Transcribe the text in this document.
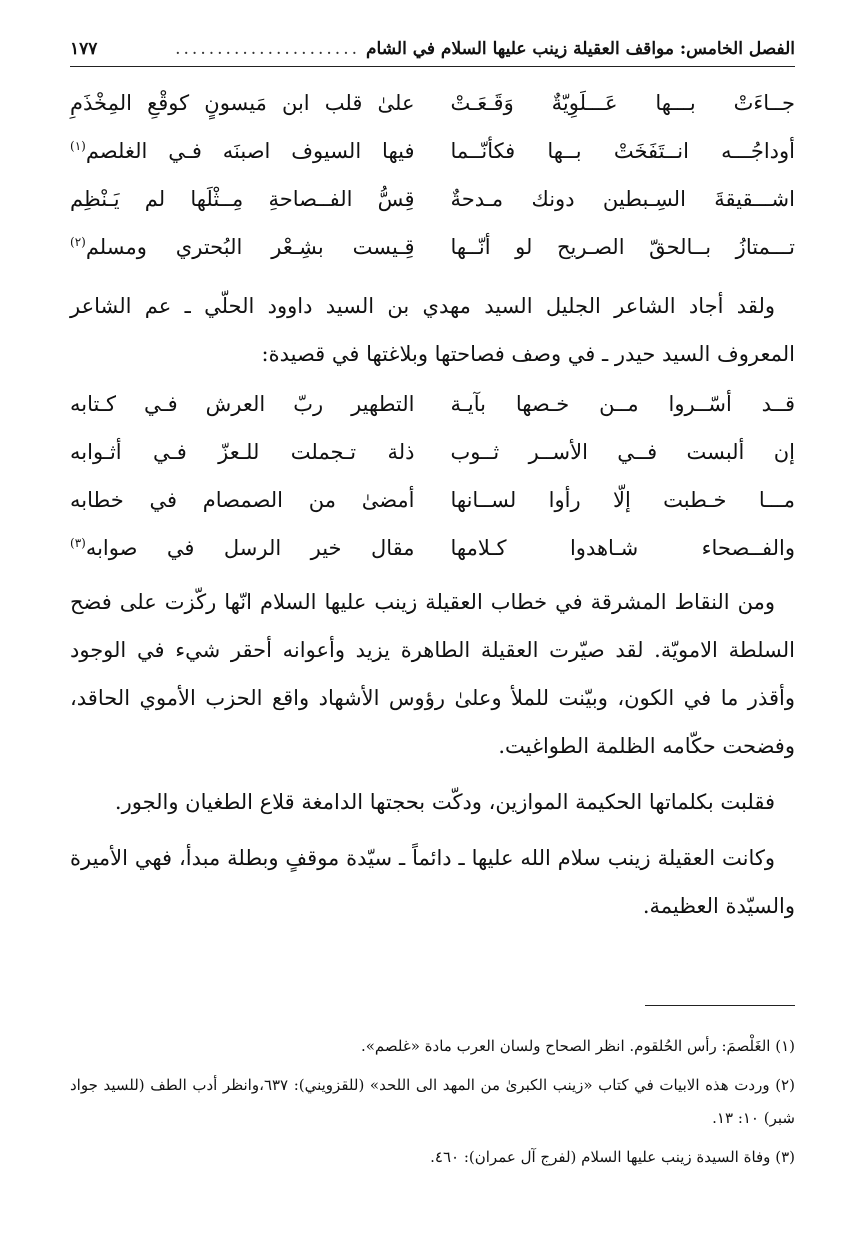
الفصل الخامس: مواقف العقيلة زينب عليها السلام في الشام
......................
١٧٧
جــاءَتْ بـــها عَـــلَوِيّةٌ وَقَـعَـتْ
علىٰ قلب ابن مَيسونٍ كوقْعِ المِخْذَمِ
أوداجُـــه انــتَفَخَتْ بــها فكأنّــما
فيها السيوف اصبنَه فـي الغلصم$^{(١)}$
اشـــقيقةَ السِـبطين دونك مـدحةٌ
قِسُّ الفــصاحةِ مِــثْلَها لم يَـنْظِم
تـــمتازُ بــالحقّ الصـريح لو أنّــها
قِـيست بشِـعْر البُحتري ومسلم$^{(٢)}$

ولقد أجاد الشاعر الجليل السيد مهدي بن السيد داوود الحلّي ـ عم الشاعر المعروف السيد حيدر ـ في وصف فصاحتها وبلاغتها في قصيدة:

قــد أسّــروا مــن خـصها بآيـة
التطهير ربّ العرش فـي كـتابه
إن ألبست فــي الأســر ثــوب
ذلة تـجملت للـعزّ فـي أثـوابه
مـــا خـطبت إلّا رأوا لســانها
أمضىٰ من الصمصام في خطابه
والفــصحاء شـاهدوا كـلامها
مقال خير الرسل في صوابه$^{(٣)}$

ومن النقاط المشرقة في خطاب العقيلة زينب عليها السلام انّها ركّزت على فضح السلطة الامويّة. لقد صيّرت العقيلة الطاهرة يزيد وأعوانه أحقر شيء في الوجود وأقذر ما في الكون، وبيّنت للملأ وعلىٰ رؤوس الأشهاد واقع الحزب الأموي الحاقد، وفضحت حكّامه الظلمة الطواغيت.

فقلبت بكلماتها الحكيمة الموازين، ودكّت بحجتها الدامغة قلاع الطغيان والجور.

وكانت العقيلة زينب سلام الله عليها ـ دائماً ـ سيّدة موقفٍ وبطلة مبدأ، فهي الأميرة والسيّدة العظيمة.

(١) الغَلْصمَ: رأس الحُلقوم. انظر الصحاح ولسان العرب مادة «غلصم».
(٢) وردت هذه الابيات في كتاب «زينب الكبرىٰ من المهد الى اللحد» (للقزويني): ٦٣٧،وانظر أدب الطف (للسيد جواد شبر) ١٠: ١٣.
(٣) وفاة السيدة زينب عليها السلام (لفرج آل عمران): ٤٦٠.
